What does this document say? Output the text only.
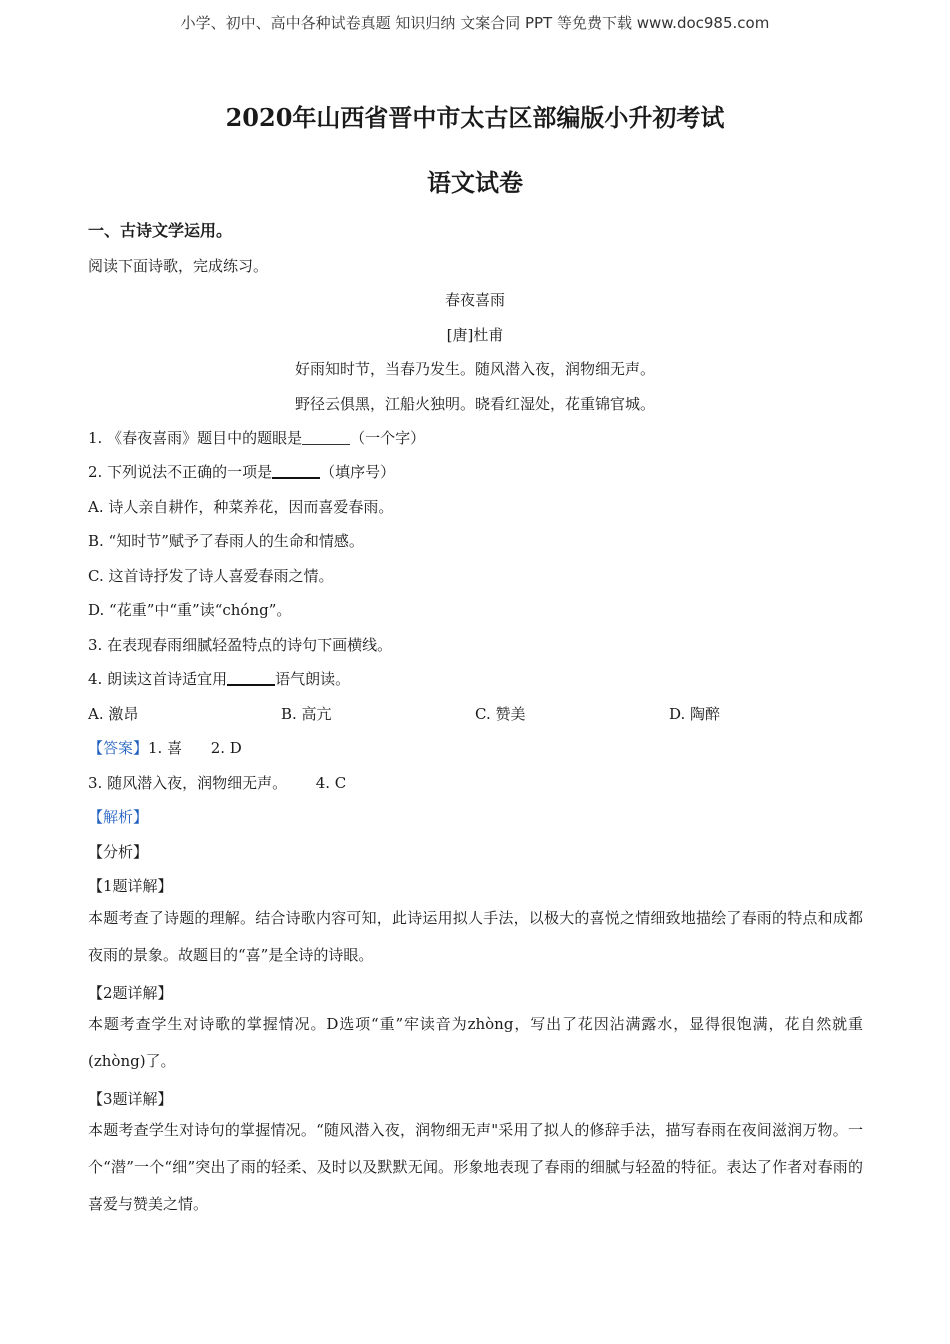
小学、初中、高中各种试卷真题 知识归纳 文案合同 PPT 等免费下载 www.doc985.com
2020年山西省晋中市太古区部编版小升初考试
语文试卷
一、古诗文学运用。
阅读下面诗歌，完成练习。
春夜喜雨
[唐]杜甫
好雨知时节，当春乃发生。随风潜入夜，润物细无声。
野径云俱黑，江船火独明。晓看红湿处，花重锦官城。
1. 《春夜喜雨》题目中的题眼是	（一个字）
2. 下列说法不正确的一项是	（填序号）
A. 诗人亲自耕作，种菜养花，因而喜爱春雨。
B. “知时节”赋予了春雨人的生命和情感。
C. 这首诗抒发了诗人喜爱春雨之情。
D. “花重”中“重”读“chóng”。
3. 在表现春雨细腻轻盈特点的诗句下画横线。
4. 朗读这首诗适宜用	语气朗读。
A. 激昂	B. 高亢	C. 赞美	D. 陶醉
【答案】1. 喜      2. D
3. 随风潜入夜，润物细无声。      4. C
【解析】
【分析】
【1题详解】
本题考查了诗题的理解。结合诗歌内容可知，此诗运用拟人手法，以极大的喜悦之情细致地描绘了春雨的特点和成都夜雨的景象。故题目的“喜”是全诗的诗眼。
【2题详解】
本题考查学生对诗歌的掌握情况。D选项“重”牢读音为zhòng，写出了花因沾满露水，显得很饱满，花自然就重(zhòng)了。
【3题详解】
本题考查学生对诗句的掌握情况。“随风潜入夜，润物细无声"采用了拟人的修辞手法，描写春雨在夜间滋润万物。一个“潜”一个“细”突出了雨的轻柔、及时以及默默无闻。形象地表现了春雨的细腻与轻盈的特征。表达了作者对春雨的喜爱与赞美之情。
